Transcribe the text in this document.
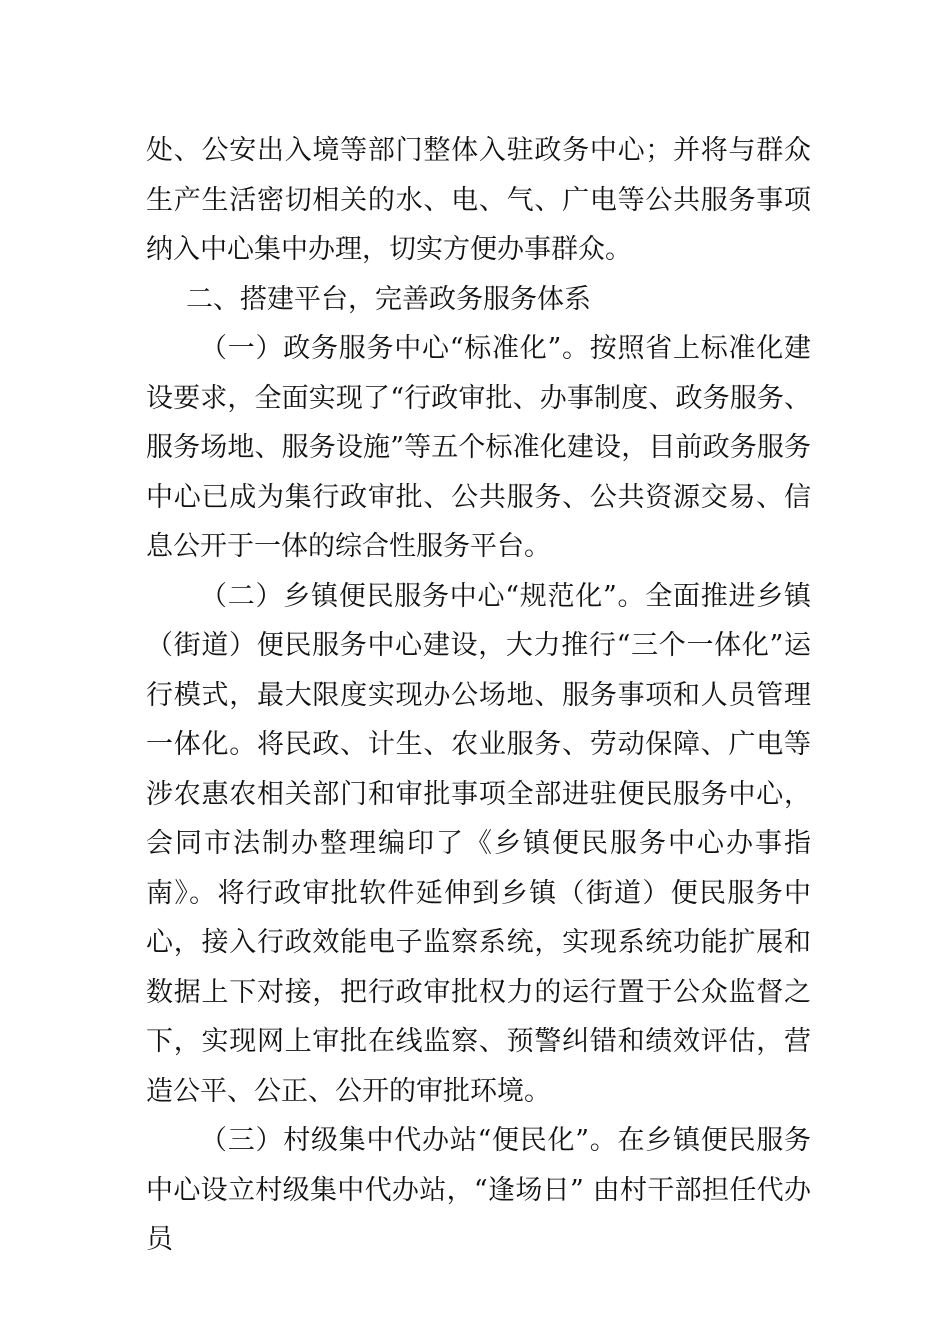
处、公安出入境等部门整体入驻政务中心；并将与群众生产生活密切相关的水、电、气、广电等公共服务事项纳入中心集中办理，切实方便办事群众。

二、搭建平台，完善政务服务体系

（一）政务服务中心“标准化”。按照省上标准化建设要求，全面实现了“行政审批、办事制度、政务服务、服务场地、服务设施”等五个标准化建设，目前政务服务中心已成为集行政审批、公共服务、公共资源交易、信息公开于一体的综合性服务平台。

（二）乡镇便民服务中心“规范化”。全面推进乡镇（街道）便民服务中心建设，大力推行“三个一体化”运行模式，最大限度实现办公场地、服务事项和人员管理一体化。将民政、计生、农业服务、劳动保障、广电等涉农惠农相关部门和审批事项全部进驻便民服务中心，会同市法制办整理编印了《乡镇便民服务中心办事指南》。将行政审批软件延伸到乡镇（街道）便民服务中心，接入行政效能电子监察系统，实现系统功能扩展和数据上下对接，把行政审批权力的运行置于公众监督之下，实现网上审批在线监察、预警纠错和绩效评估，营造公平、公正、公开的审批环境。

（三）村级集中代办站“便民化”。在乡镇便民服务中心设立村级集中代办站，“逢场日” 由村干部担任代办员
